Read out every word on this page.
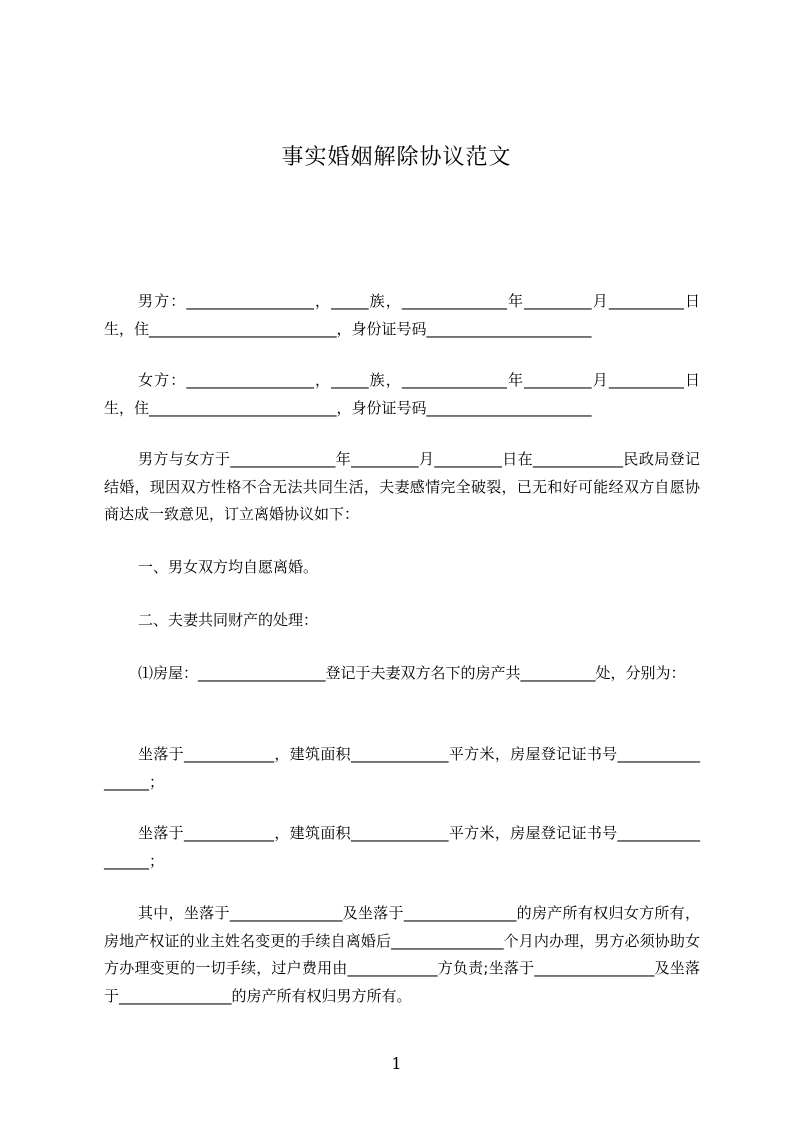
事实婚姻解除协议范文
男方：_________________，_____族，______________年_________月__________日生，住_________________________，身份证号码______________________
女方：_________________，_____族，______________年_________月__________日生，住_________________________，身份证号码______________________
男方与女方于______________年_________月_________日在____________民政局登记结婚，现因双方性格不合无法共同生活，夫妻感情完全破裂，已无和好可能经双方自愿协商达成一致意见，订立离婚协议如下：
一、男女双方均自愿离婚。
二、夫妻共同财产的处理：
⑴房屋：_________________登记于夫妻双方名下的房产共__________处，分别为：
坐落于____________，建筑面积_____________平方米，房屋登记证书号_________________；
坐落于____________，建筑面积_____________平方米，房屋登记证书号_________________；
其中，坐落于_______________及坐落于_______________的房产所有权归女方所有，房地产权证的业主姓名变更的手续自离婚后_______________个月内办理，男方必须协助女方办理变更的一切手续，过户费用由____________方负责;坐落于________________及坐落于_______________的房产所有权归男方所有。
1
